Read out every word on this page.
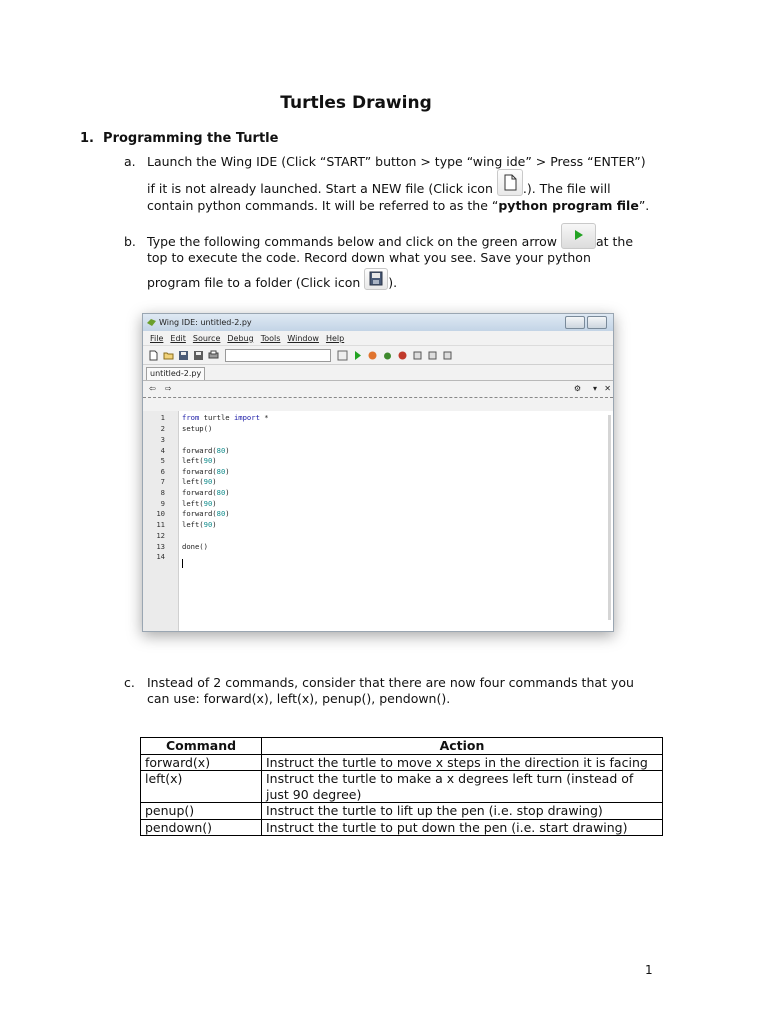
Turtles Drawing
1. Programming the Turtle
a. Launch the Wing IDE (Click “START” button > type “wing ide” > Press “ENTER”)
if it is not already launched. Start a NEW file (Click icon .). The file will
contain python commands. It will be referred to as the “python program file”.
b. Type the following commands below and click on the green arrow	at the
top to execute the code. Record down what you see. Save your python
program file to a folder (Click icon ).
Wing IDE: untitled-2.py
File Edit Source Debug Tools Window Help
untitled-2.py
⇦ ⇨	⚙ ▾ ✕
1
2
3
4
5
6
7
8
9
10
11
12
13
14
from turtle import *
setup()
forward(80)
left(90)
forward(80)
left(90)
forward(80)
left(90)
forward(80)
left(90)
done()
c. Instead of 2 commands, consider that there are now four commands that you
can use: forward(x), left(x), penup(), pendown().
Command	Action
forward(x)	Instruct the turtle to move x steps in the direction it is facing
left(x)	Instruct the turtle to make a x degrees left turn (instead of just 90 degree)
penup()	Instruct the turtle to lift up the pen (i.e. stop drawing)
pendown()	Instruct the turtle to put down the pen (i.e. start drawing)
1
